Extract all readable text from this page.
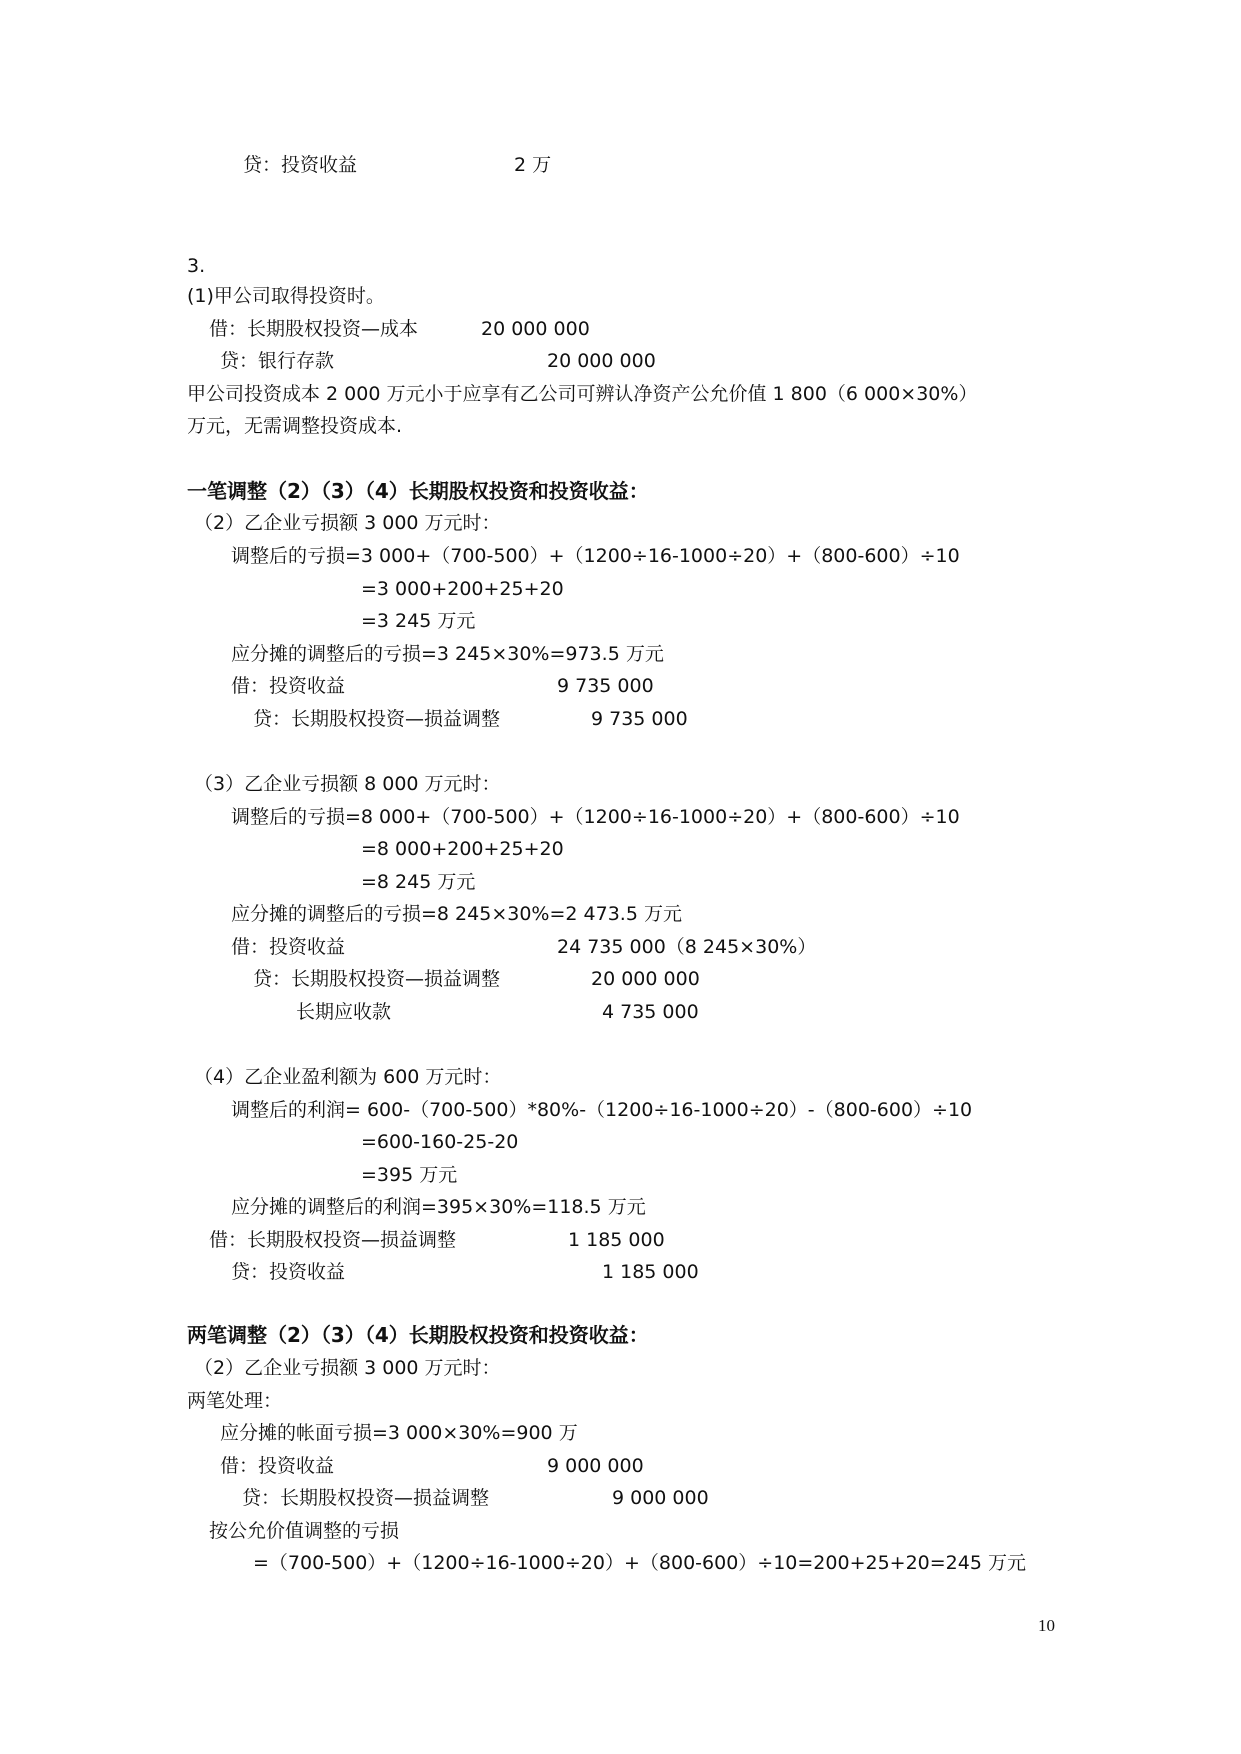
贷：投资收益	2 万
3.
(1)甲公司取得投资时。
借：长期股权投资—成本	20 000 000
贷：银行存款	20 000 000
甲公司投资成本 2 000 万元小于应享有乙公司可辨认净资产公允价值 1 800（6 000×30%）
万元，无需调整投资成本.
一笔调整（2）（3）（4）长期股权投资和投资收益：
（2）乙企业亏损额 3 000 万元时：
调整后的亏损=3 000+（700-500）+（1200÷16-1000÷20）+（800-600）÷10
=3 000+200+25+20
=3 245 万元
应分摊的调整后的亏损=3 245×30%=973.5 万元
借：投资收益	9 735 000
贷：长期股权投资—损益调整	9 735 000
（3）乙企业亏损额 8 000 万元时：
调整后的亏损=8 000+（700-500）+（1200÷16-1000÷20）+（800-600）÷10
=8 000+200+25+20
=8 245 万元
应分摊的调整后的亏损=8 245×30%=2 473.5 万元
借：投资收益	24 735 000（8 245×30%）
贷：长期股权投资—损益调整	20 000 000
长期应收款	4 735 000
（4）乙企业盈利额为 600 万元时：
调整后的利润= 600-（700-500）*80%-（1200÷16-1000÷20）-（800-600）÷10
=600-160-25-20
=395 万元
应分摊的调整后的利润=395×30%=118.5 万元
借：长期股权投资—损益调整	1 185 000
贷：投资收益	1 185 000
两笔调整（2）（3）（4）长期股权投资和投资收益：
（2）乙企业亏损额 3 000 万元时：
两笔处理：
应分摊的帐面亏损=3 000×30%=900 万
借：投资收益	9 000 000
贷：长期股权投资—损益调整	9 000 000
按公允价值调整的亏损
=（700-500）+（1200÷16-1000÷20）+（800-600）÷10=200+25+20=245 万元
10
